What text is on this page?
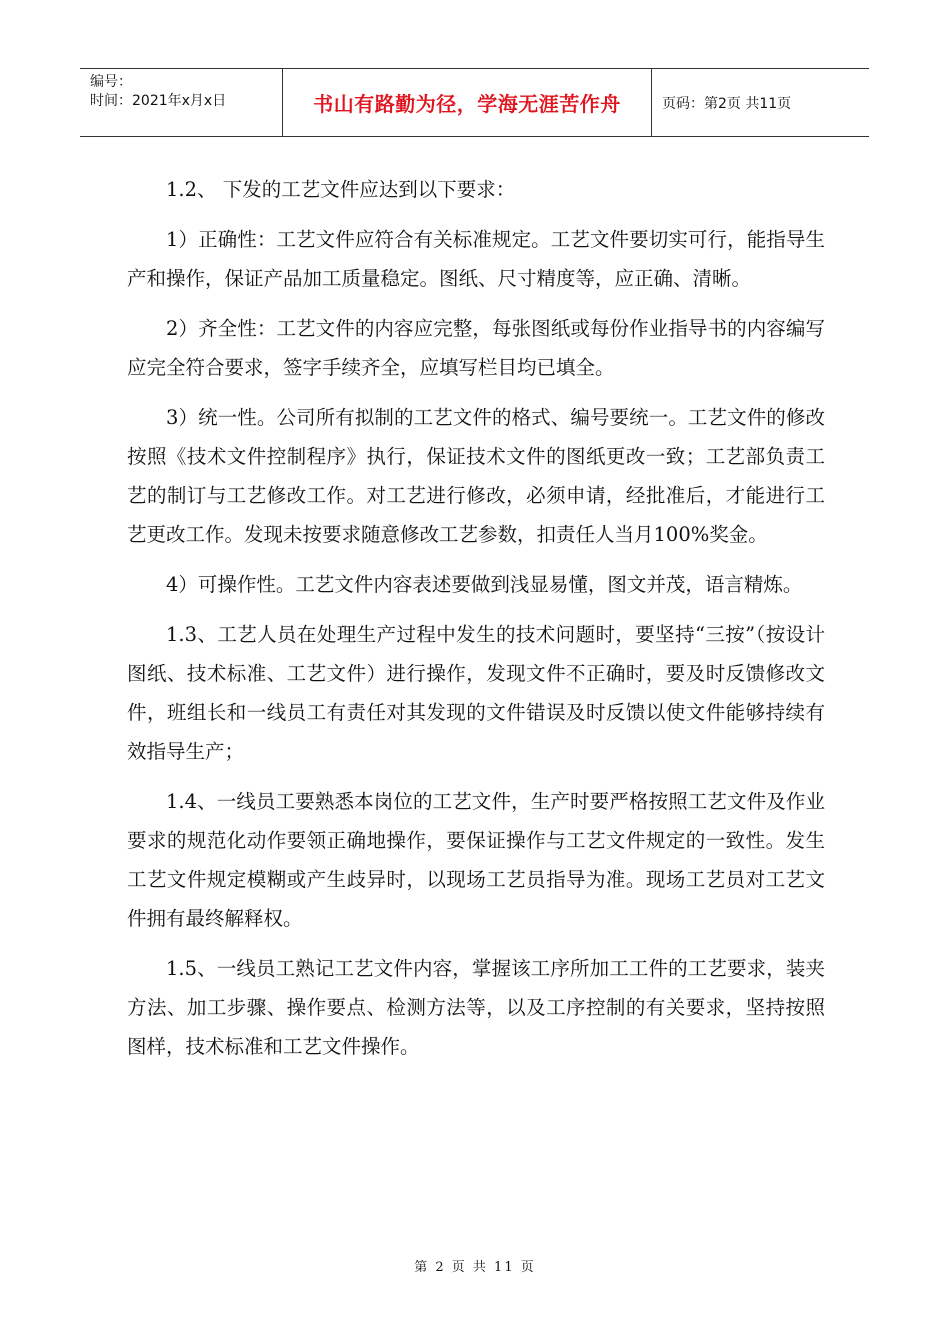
编号：
时间：2021年x月x日	书山有路勤为径，学海无涯苦作舟	页码：第2页 共11页

1.2、 下发的工艺文件应达到以下要求：

1）正确性：工艺文件应符合有关标准规定。工艺文件要切实可行，能指导生产和操作，保证产品加工质量稳定。图纸、尺寸精度等，应正确、清晰。

2）齐全性：工艺文件的内容应完整，每张图纸或每份作业指导书的内容编写应完全符合要求，签字手续齐全，应填写栏目均已填全。

3）统一性。公司所有拟制的工艺文件的格式、编号要统一。工艺文件的修改按照《技术文件控制程序》执行，保证技术文件的图纸更改一致；工艺部负责工艺的制订与工艺修改工作。对工艺进行修改，必须申请，经批准后，才能进行工艺更改工作。发现未按要求随意修改工艺参数，扣责任人当月100%奖金。

4）可操作性。工艺文件内容表述要做到浅显易懂，图文并茂，语言精炼。

1.3、工艺人员在处理生产过程中发生的技术问题时，要坚持“三按”（按设计图纸、技术标准、工艺文件）进行操作，发现文件不正确时，要及时反馈修改文件，班组长和一线员工有责任对其发现的文件错误及时反馈以使文件能够持续有效指导生产；

1.4、一线员工要熟悉本岗位的工艺文件，生产时要严格按照工艺文件及作业要求的规范化动作要领正确地操作，要保证操作与工艺文件规定的一致性。发生工艺文件规定模糊或产生歧异时，以现场工艺员指导为准。现场工艺员对工艺文件拥有最终解释权。

1.5、一线员工熟记工艺文件内容，掌握该工序所加工工件的工艺要求，装夹方法、加工步骤、操作要点、检测方法等，以及工序控制的有关要求，坚持按照图样，技术标准和工艺文件操作。

第 2 页 共 11 页
